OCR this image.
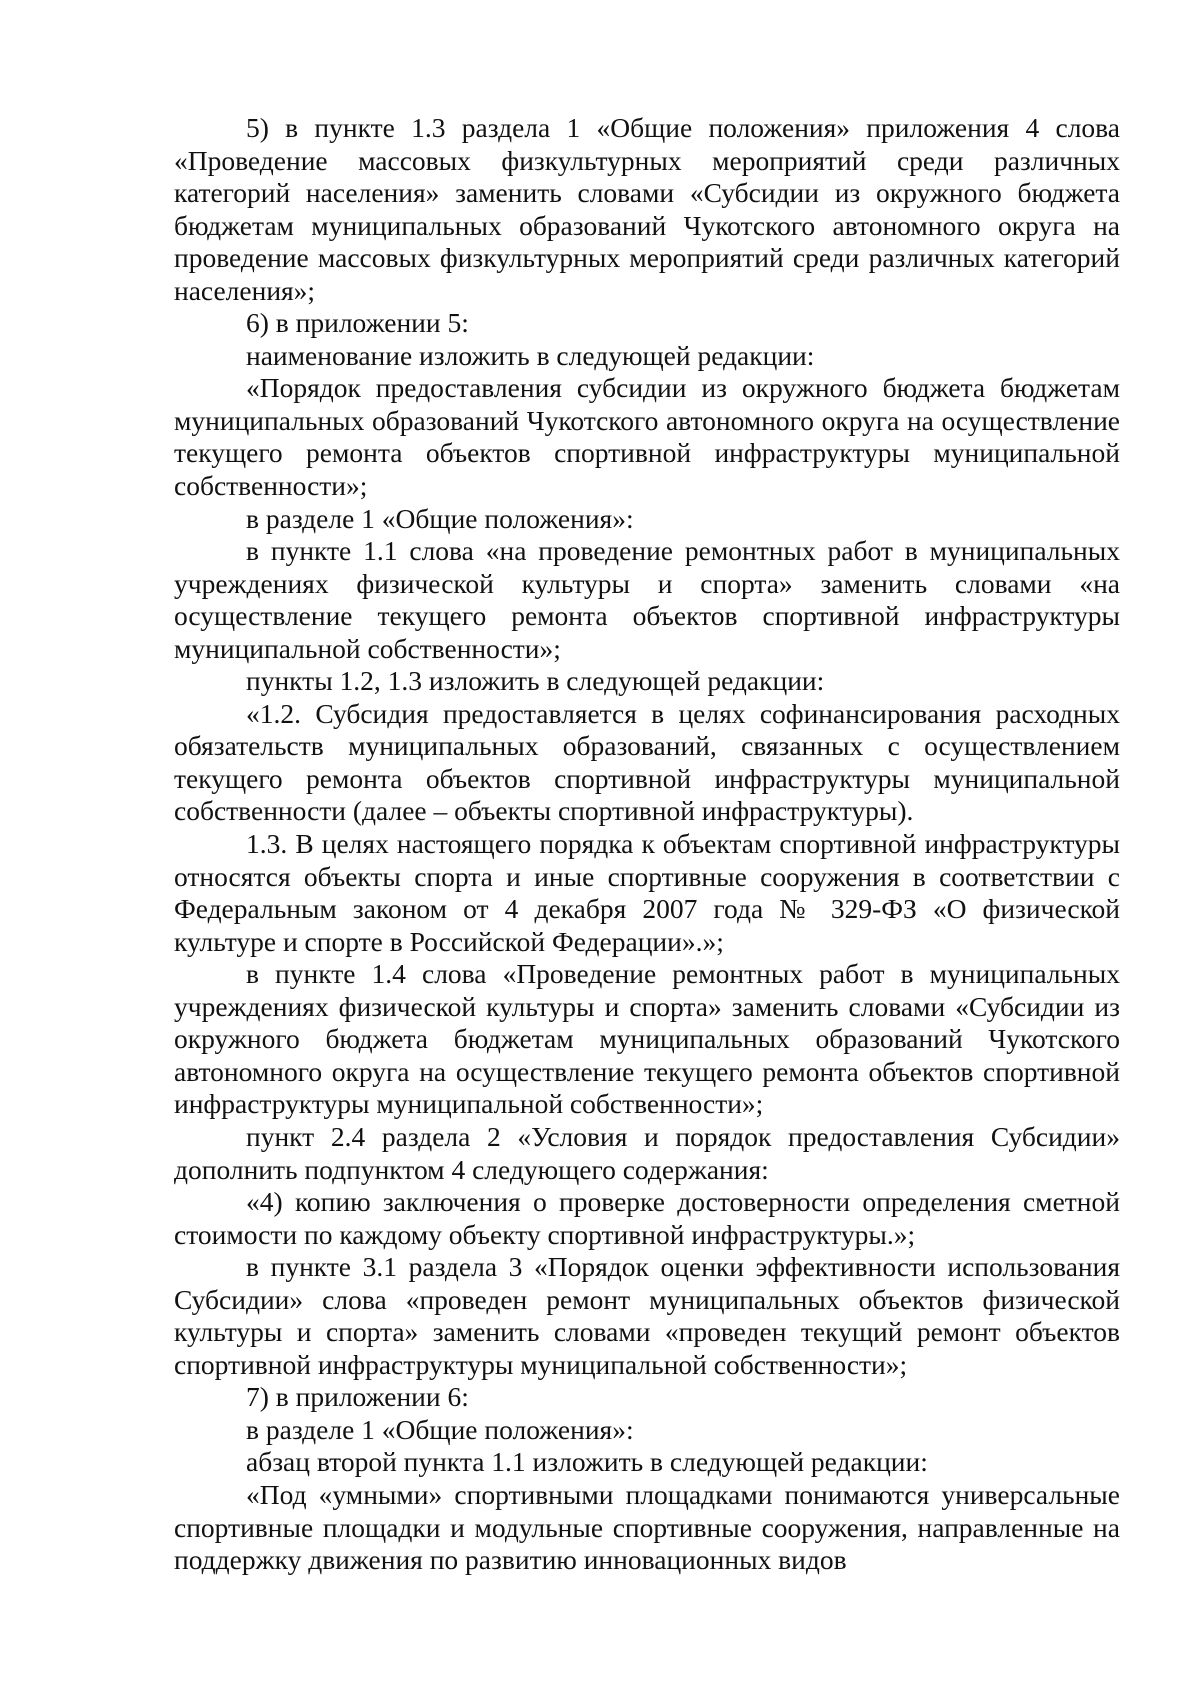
5) в пункте 1.3 раздела 1 «Общие положения» приложения 4 слова «Проведение массовых физкультурных мероприятий среди различных категорий населения» заменить словами «Субсидии из окружного бюджета бюджетам муниципальных образований Чукотского автономного округа на проведение массовых физкультурных мероприятий среди различных категорий населения»;

6) в приложении 5:

наименование изложить в следующей редакции:

«Порядок предоставления субсидии из окружного бюджета бюджетам муниципальных образований Чукотского автономного округа на осуществление текущего ремонта объектов спортивной инфраструктуры муниципальной собственности»;

в разделе 1 «Общие положения»:

в пункте 1.1 слова «на проведение ремонтных работ в муниципальных учреждениях физической культуры и спорта» заменить словами «на осуществление текущего ремонта объектов спортивной инфраструктуры муниципальной собственности»;

пункты 1.2, 1.3 изложить в следующей редакции:

«1.2. Субсидия предоставляется в целях софинансирования расходных обязательств муниципальных образований, связанных с осуществлением текущего ремонта объектов спортивной инфраструктуры муниципальной собственности (далее – объекты спортивной инфраструктуры).

1.3. В целях настоящего порядка к объектам спортивной инфраструктуры относятся объекты спорта и иные спортивные сооружения в соответствии с Федеральным законом от 4 декабря 2007 года № 329-ФЗ «О физической культуре и спорте в Российской Федерации».»;

в пункте 1.4 слова «Проведение ремонтных работ в муниципальных учреждениях физической культуры и спорта» заменить словами «Субсидии из окружного бюджета бюджетам муниципальных образований Чукотского автономного округа на осуществление текущего ремонта объектов спортивной инфраструктуры муниципальной собственности»;

пункт 2.4 раздела 2 «Условия и порядок предоставления Субсидии» дополнить подпунктом 4 следующего содержания:

«4) копию заключения о проверке достоверности определения сметной стоимости по каждому объекту спортивной инфраструктуры.»;

в пункте 3.1 раздела 3 «Порядок оценки эффективности использования Субсидии» слова «проведен ремонт муниципальных объектов физической культуры и спорта» заменить словами «проведен текущий ремонт объектов спортивной инфраструктуры муниципальной собственности»;

7) в приложении 6:

в разделе 1 «Общие положения»:

абзац второй пункта 1.1 изложить в следующей редакции:

«Под «умными» спортивными площадками понимаются универсальные спортивные площадки и модульные спортивные сооружения, направленные на поддержку движения по развитию инновационных видов
